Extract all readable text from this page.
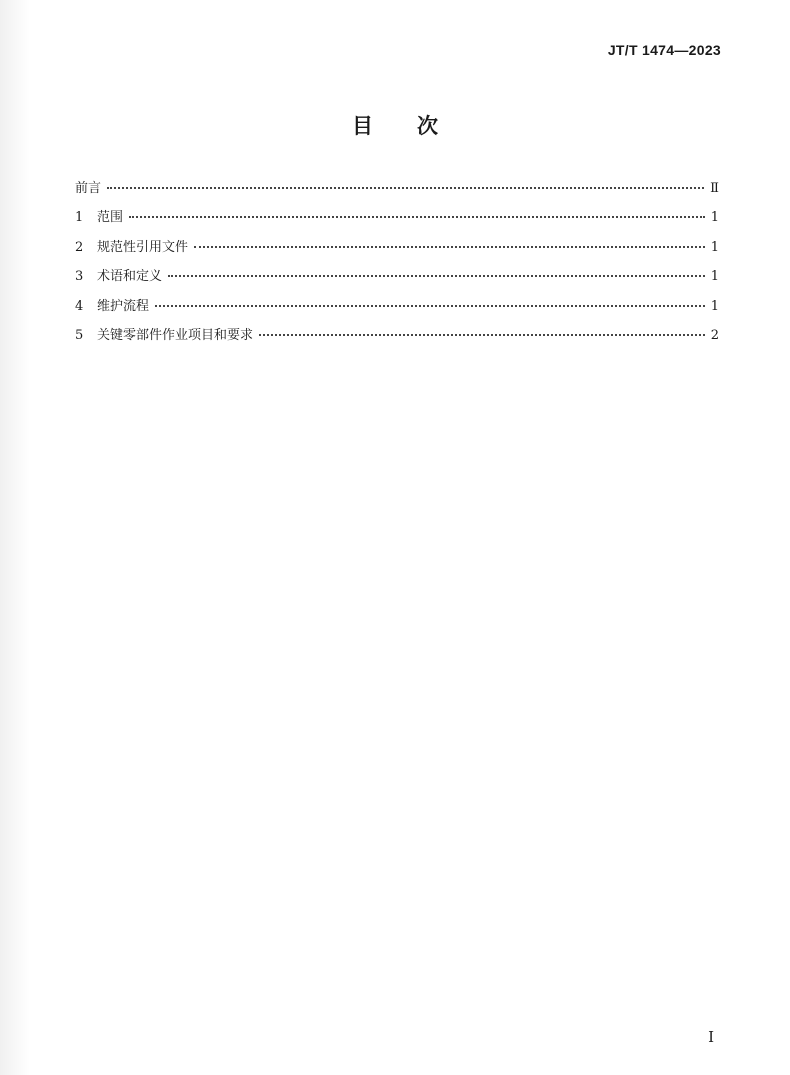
JT/T 1474—2023
目次
前言	Ⅱ
1	范围	1
2	规范性引用文件	1
3	术语和定义	1
4	维护流程	1
5	关键零部件作业项目和要求	2
I
